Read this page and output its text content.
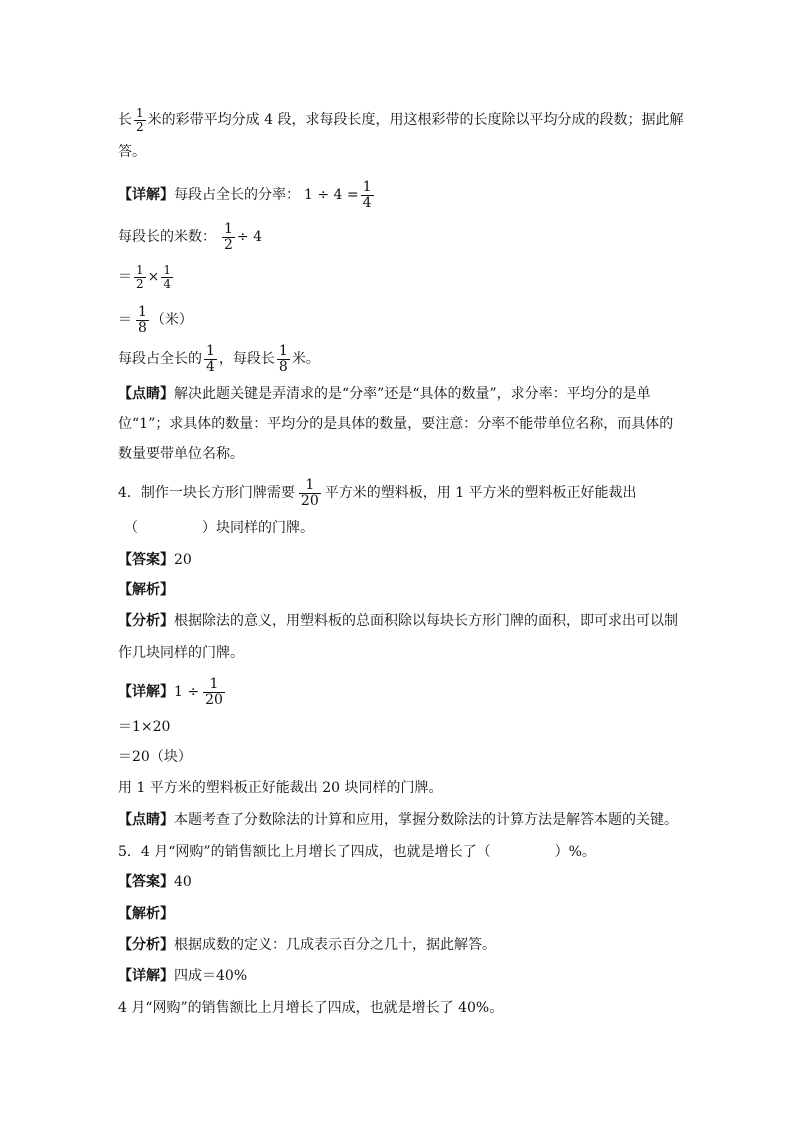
长 $\frac{1}{2}$ 米的彩带平均分成 4 段，求每段长度，用这根彩带的长度除以平均分成的段数；据此解
答。
【详解】 每段占全长的分率： $1 \div 4 = \frac{1}{4}$
每段长的米数： $\frac{1}{2} \div 4$
＝ $\frac{1}{2} \times \frac{1}{4}$
＝ $\frac{1}{8}$ （米）
每段占全长的 $\frac{1}{4}$ ，每段长 $\frac{1}{8}$ 米。
【点睛】 解决此题关键是弄清求的是“分率”还是“具体的数量”，求分率：平均分的是单
位“1”；求具体的数量：平均分的是具体的数量，要注意：分率不能带单位名称，而具体的
数量要带单位名称。
4．制作一块长方形门牌需要 $\frac{1}{20}$ 平方米的塑料板，用 1 平方米的塑料板正好能裁出
（	）块同样的门牌。
【答案】 20
【解析】
【分析】 根据除法的意义，用塑料板的总面积除以每块长方形门牌的面积，即可求出可以制
作几块同样的门牌。
【详解】 $1 \div \frac{1}{20}$
＝1×20
＝20（块）
用 1 平方米的塑料板正好能裁出 20 块同样的门牌。
【点睛】 本题考查了分数除法的计算和应用，掌握分数除法的计算方法是解答本题的关键。
5．4 月“网购”的销售额比上月增长了四成，也就是增长了（	）%。
【答案】 40
【解析】
【分析】 根据成数的定义：几成表示百分之几十，据此解答。
【详解】 四成＝40%
4 月“网购”的销售额比上月增长了四成，也就是增长了 40%。
